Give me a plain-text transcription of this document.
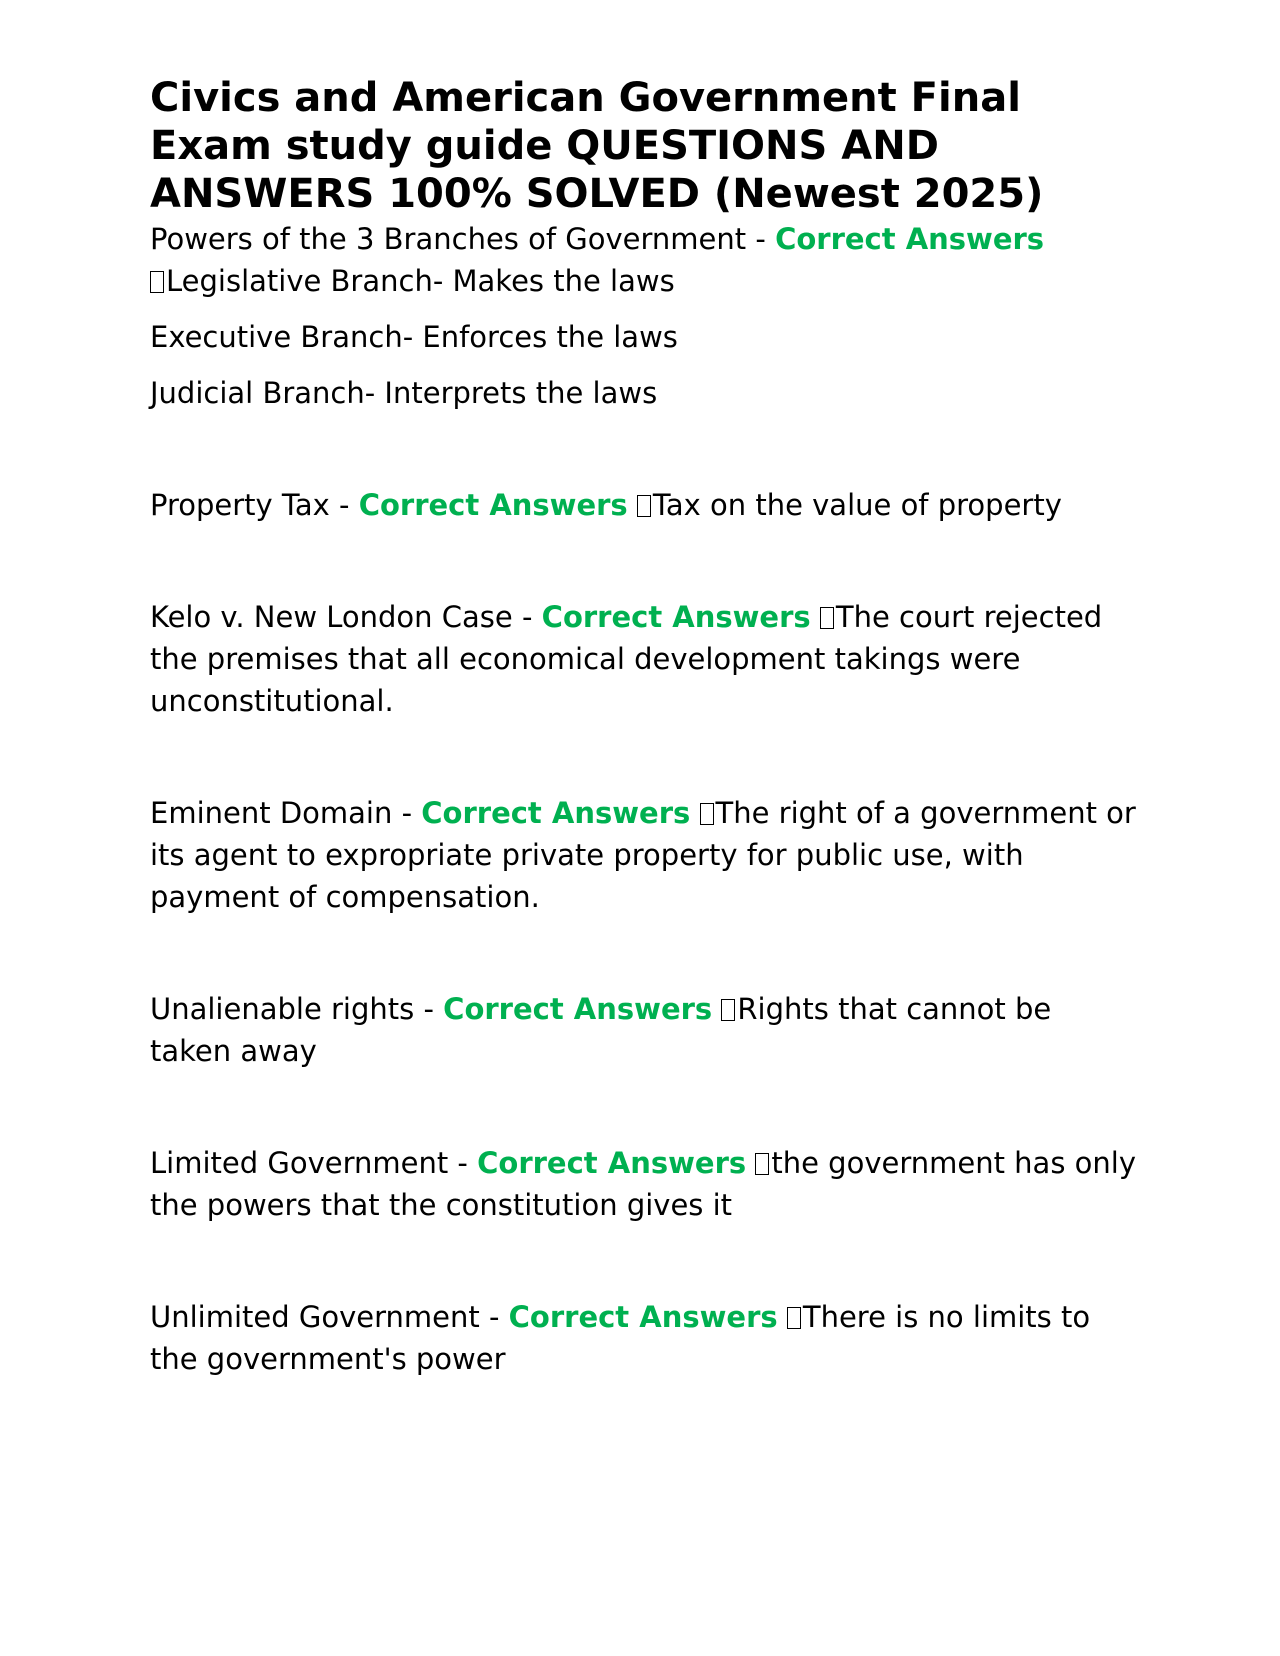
Civics and American Government Final Exam study guide QUESTIONS AND ANSWERS 100% SOLVED (Newest 2025)

Powers of the 3 Branches of Government - Correct Answers
Legislative Branch- Makes the laws

Executive Branch- Enforces the laws

Judicial Branch- Interprets the laws

Property Tax - Correct Answers Tax on the value of property

Kelo v. New London Case - Correct Answers The court rejected the premises that all economical development takings were unconstitutional.

Eminent Domain - Correct Answers The right of a government or its agent to expropriate private property for public use, with payment of compensation.

Unalienable rights - Correct Answers Rights that cannot be taken away

Limited Government - Correct Answers the government has only the powers that the constitution gives it

Unlimited Government - Correct Answers There is no limits to the government's power
